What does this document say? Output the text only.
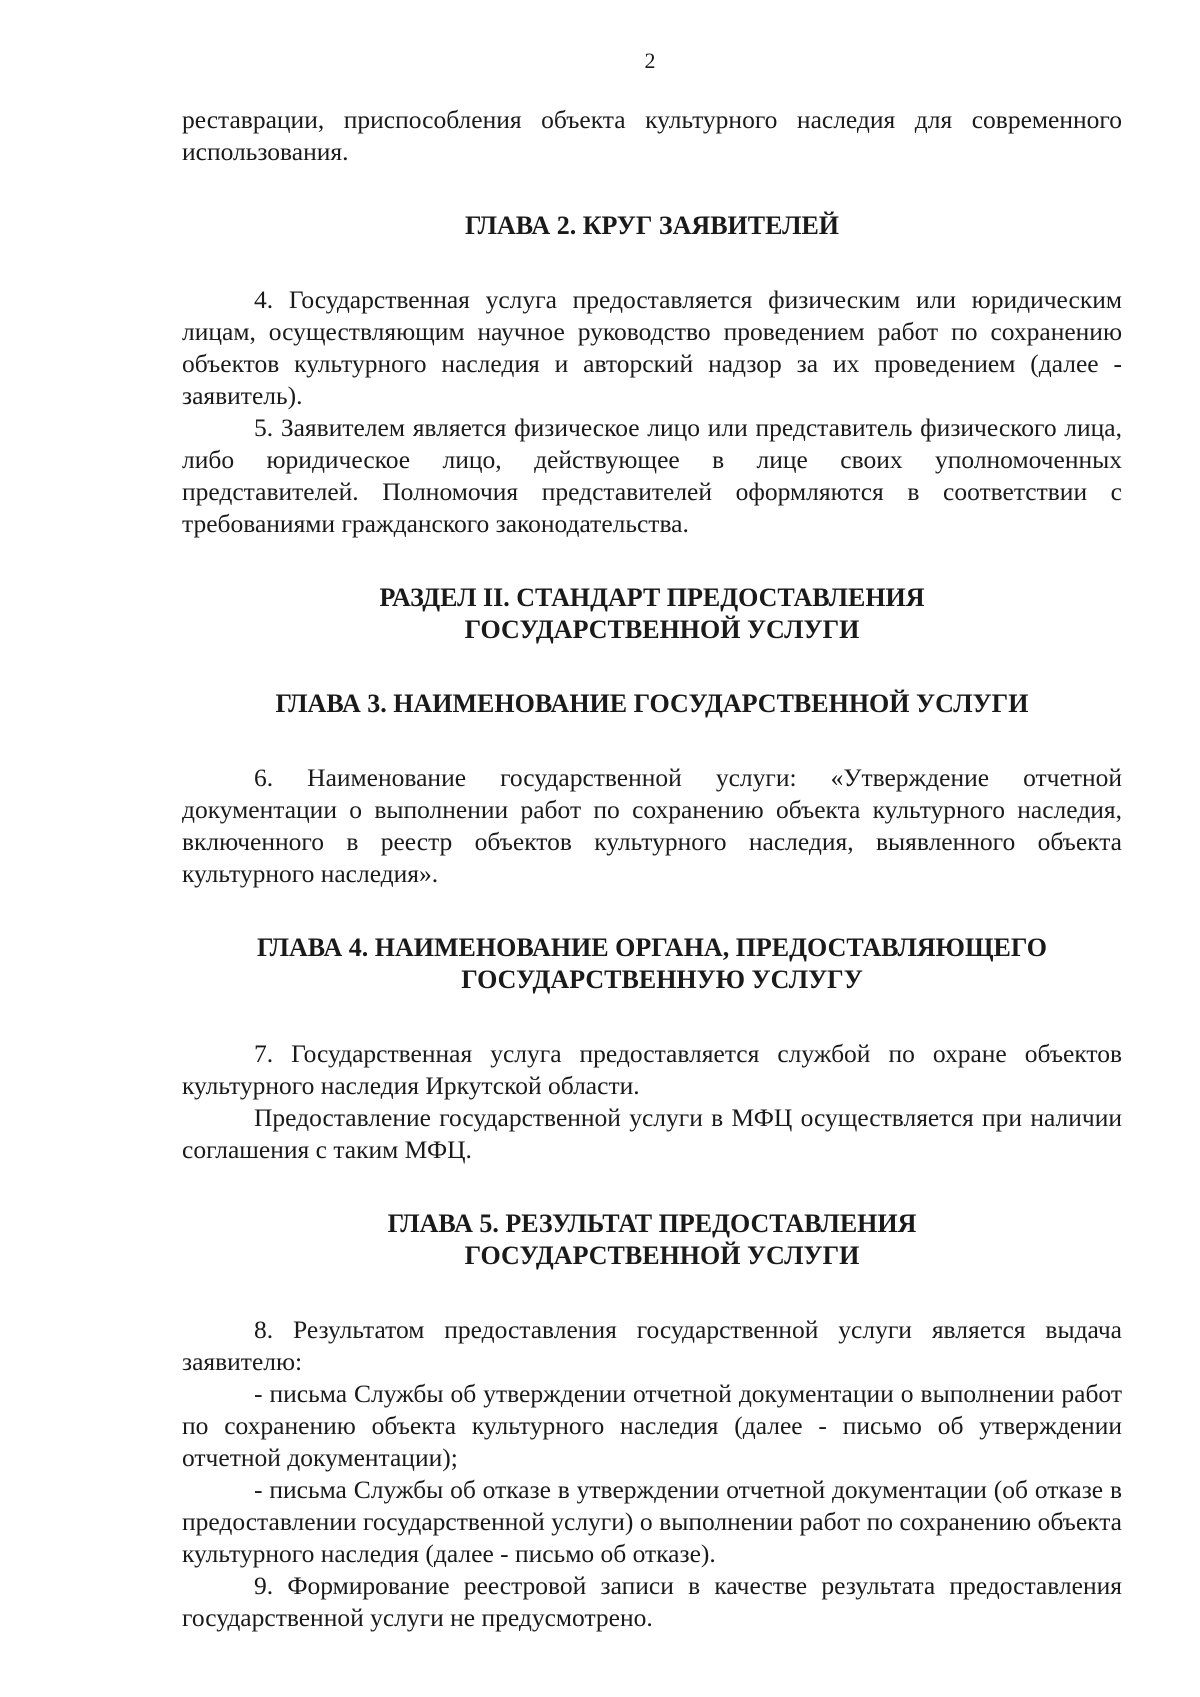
2

реставрации, приспособления объекта культурного наследия для современного использования.

ГЛАВА 2. КРУГ ЗАЯВИТЕЛЕЙ

4. Государственная услуга предоставляется физическим или юридическим лицам, осуществляющим научное руководство проведением работ по сохранению объектов культурного наследия и авторский надзор за их проведением (далее - заявитель).

5. Заявителем является физическое лицо или представитель физического лица, либо юридическое лицо, действующее в лице своих уполномоченных представителей. Полномочия представителей оформляются в соответствии с требованиями гражданского законодательства.

РАЗДЕЛ II. СТАНДАРТ ПРЕДОСТАВЛЕНИЯ
ГОСУДАРСТВЕННОЙ УСЛУГИ
ГЛАВА 3. НАИМЕНОВАНИЕ ГОСУДАРСТВЕННОЙ УСЛУГИ

6. Наименование государственной услуги: «Утверждение отчетной документации о выполнении работ по сохранению объекта культурного наследия, включенного в реестр объектов культурного наследия, выявленного объекта культурного наследия».

ГЛАВА 4. НАИМЕНОВАНИЕ ОРГАНА, ПРЕДОСТАВЛЯЮЩЕГО
ГОСУДАРСТВЕННУЮ УСЛУГУ

7. Государственная услуга предоставляется службой по охране объектов культурного наследия Иркутской области.

Предоставление государственной услуги в МФЦ осуществляется при наличии соглашения с таким МФЦ.

ГЛАВА 5. РЕЗУЛЬТАТ ПРЕДОСТАВЛЕНИЯ
ГОСУДАРСТВЕННОЙ УСЛУГИ

8. Результатом предоставления государственной услуги является выдача заявителю:

- письма Службы об утверждении отчетной документации о выполнении работ по сохранению объекта культурного наследия (далее - письмо об утверждении отчетной документации);

- письма Службы об отказе в утверждении отчетной документации (об отказе в предоставлении государственной услуги) о выполнении работ по сохранению объекта культурного наследия (далее - письмо об отказе).

9. Формирование реестровой записи в качестве результата предоставления государственной услуги не предусмотрено.
